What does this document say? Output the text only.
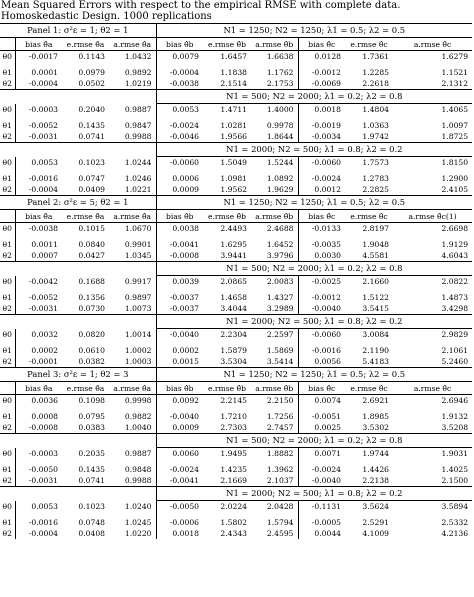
Mean Squared Errors with respect to the empirical RMSE with complete data. Homoskedastic Design. 1000 replications
Panel 1: σ²ε = 1; θ2 = 1				N1 = 1250; N2 = 1250; λ1 = 0.5; λ2 = 0.5					
	bias θ̂a	e.rmse θ̂a	a.rmse θ̂a	bias θ̂b	e.rmse θ̂b	a.rmse θ̂b	bias θ̂c	e.rmse θ̂c	a.rmse θ̂c
θ0	-0.0017	0.1143	1.0432	0.0079	1.6457	1.6638	0.0128	1.7361	1.6279

θ1	0.0001	0.0979	0.9892	-0.0004	1.1838	1.1762	-0.0012	1.2285	1.1521
θ2	-0.0004	0.0502	1.0219	-0.0038	2.1514	2.1753	-0.0069	2.2618	2.1312
				N1 = 500; N2 = 2000; λ1 = 0.2; λ2 = 0.8					
θ0	-0.0003	0.2040	0.9887	0.0053	1.4711	1.4000	0.0018	1.4804	1.4065

θ1	-0.0052	0.1435	0.9847	-0.0024	1.0281	0.9978	-0.0019	1.0363	1.0097
θ2	-0.0031	0.0741	0.9988	-0.0046	1.9566	1.8644	-0.0034	1.9742	1.8725
				N1 = 2000; N2 = 500; λ1 = 0.8; λ2 = 0.2					
θ0	0.0053	0.1023	1.0244	-0.0060	1.5049	1.5244	-0.0060	1.7573	1.8150

θ1	-0.0016	0.0747	1.0246	0.0006	1.0981	1.0892	-0.0024	1.2783	1.2900
θ2	-0.0004	0.0409	1.0221	0.0009	1.9562	1.9629	0.0012	2.2825	2.4105
Panel 2: σ²ε = 5; θ2 = 1				N1 = 1250; N2 = 1250; λ1 = 0.5; λ2 = 0.5					
	bias θ̂a	e.rmse θ̂a	a.rmse θ̂a	bias θ̂b	e.rmse θ̂b	a.rmse θ̂b	bias θ̂c	e.rmse θ̂c	a.rmse θ̂c(1)
θ0	-0.0038	0.1015	1.0670	0.0038	2.4493	2.4688	-0.0133	2.8197	2.6698

θ1	0.0011	0.0840	0.9901	-0.0041	1.6295	1.6452	-0.0035	1.9048	1.9129
θ2	0.0007	0.0427	1.0345	-0.0008	3.9441	3.9796	0.0030	4.5581	4.6043
				N1 = 500; N2 = 2000; λ1 = 0.2; λ2 = 0.8					
θ0	-0.0042	0.1688	0.9917	0.0039	2.0865	2.0083	-0.0025	2.1660	2.0822

θ1	-0.0052	0.1356	0.9897	-0.0037	1.4658	1.4327	-0.0012	1.5122	1.4873
θ2	-0.0031	0.0730	1.0073	-0.0037	3.4044	3.2989	-0.0040	3.5415	3.4298
				N1 = 2000; N2 = 500; λ1 = 0.8; λ2 = 0.2					
θ0	0.0032	0.0820	1.0014	-0.0040	2.2304	2.2597	-0.0060	3.0084	2.9829

θ1	0.0002	0.0610	1.0002	0.0002	1.5879	1.5869	-0.0016	2.1190	2.1061
θ2	-0.0001	0.0382	1.0003	0.0015	3.5304	3.5414	0.0056	5.4183	5.2460
Panel 3: σ²ε = 1; θ2 = 3				N1 = 1250; N2 = 1250; λ1 = 0.5; λ2 = 0.5					
	bias θ̂a	e.rmse θ̂a	a.rmse θ̂a	bias θ̂b	e.rmse θ̂b	a.rmse θ̂b	bias θ̂c	e.rmse θ̂c	a.rmse θ̂c
θ0	0.0036	0.1098	0.9998	0.0092	2.2145	2.2150	0.0074	2.6921	2.6946

θ1	0.0008	0.0795	0.9882	-0.0040	1.7210	1.7256	-0.0051	1.8985	1.9132
θ2	-0.0008	0.0383	1.0040	0.0009	2.7303	2.7457	0.0025	3.5302	3.5208
				N1 = 500; N2 = 2000; λ1 = 0.2; λ2 = 0.8					
θ0	-0.0003	0.2035	0.9887	0.0060	1.9495	1.8882	0.0071	1.9744	1.9031

θ1	-0.0050	0.1435	0.9848	-0.0024	1.4235	1.3962	-0.0024	1.4426	1.4025
θ2	-0.0031	0.0741	0.9988	-0.0041	2.1669	2.1037	-0.0040	2.2138	2.1500
				N1 = 2000; N2 = 500; λ1 = 0.8; λ2 = 0.2					
θ0	0.0053	0.1023	1.0240	-0.0050	2.0224	2.0428	-0.1131	3.5624	3.5894

θ1	-0.0016	0.0748	1.0245	-0.0006	1.5802	1.5794	-0.0005	2.5291	2.5332
θ2	-0.0004	0.0408	1.0220	0.0018	2.4343	2.4595	0.0044	4.1009	4.2136
